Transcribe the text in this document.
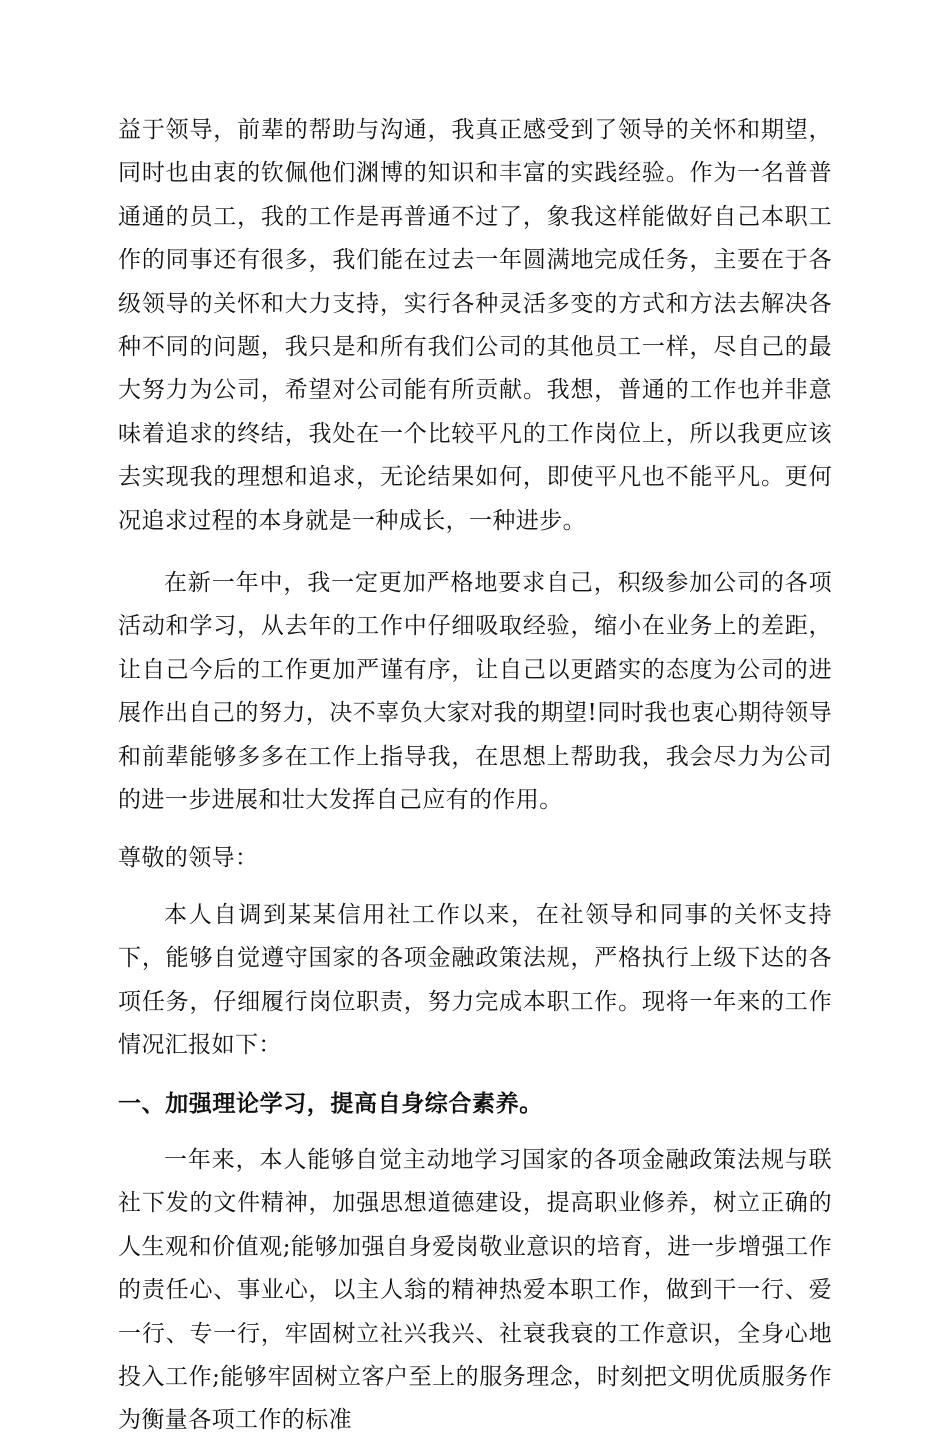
益于领导，前辈的帮助与沟通，我真正感受到了领导的关怀和期望，同时也由衷的钦佩他们渊博的知识和丰富的实践经验。作为一名普普通通的员工，我的工作是再普通不过了，象我这样能做好自己本职工作的同事还有很多，我们能在过去一年圆满地完成任务，主要在于各级领导的关怀和大力支持，实行各种灵活多变的方式和方法去解决各种不同的问题，我只是和所有我们公司的其他员工一样，尽自己的最大努力为公司，希望对公司能有所贡献。我想，普通的工作也并非意味着追求的终结，我处在一个比较平凡的工作岗位上，所以我更应该去实现我的理想和追求，无论结果如何，即使平凡也不能平凡。更何况追求过程的本身就是一种成长，一种进步。

在新一年中，我一定更加严格地要求自己，积级参加公司的各项活动和学习，从去年的工作中仔细吸取经验，缩小在业务上的差距，让自己今后的工作更加严谨有序，让自己以更踏实的态度为公司的进展作出自己的努力，决不辜负大家对我的期望!同时我也衷心期待领导和前辈能够多多在工作上指导我，在思想上帮助我，我会尽力为公司的进一步进展和壮大发挥自己应有的作用。

尊敬的领导：

本人自调到某某信用社工作以来，在社领导和同事的关怀支持下，能够自觉遵守国家的各项金融政策法规，严格执行上级下达的各项任务，仔细履行岗位职责，努力完成本职工作。现将一年来的工作情况汇报如下：

一、加强理论学习，提高自身综合素养。

一年来，本人能够自觉主动地学习国家的各项金融政策法规与联社下发的文件精神，加强思想道德建设，提高职业修养，树立正确的人生观和价值观;能够加强自身爱岗敬业意识的培育，进一步增强工作的责任心、事业心，以主人翁的精神热爱本职工作，做到干一行、爱一行、专一行，牢固树立社兴我兴、社衰我衰的工作意识，全身心地投入工作;能够牢固树立客户至上的服务理念，时刻把文明优质服务作为衡量各项工作的标准
